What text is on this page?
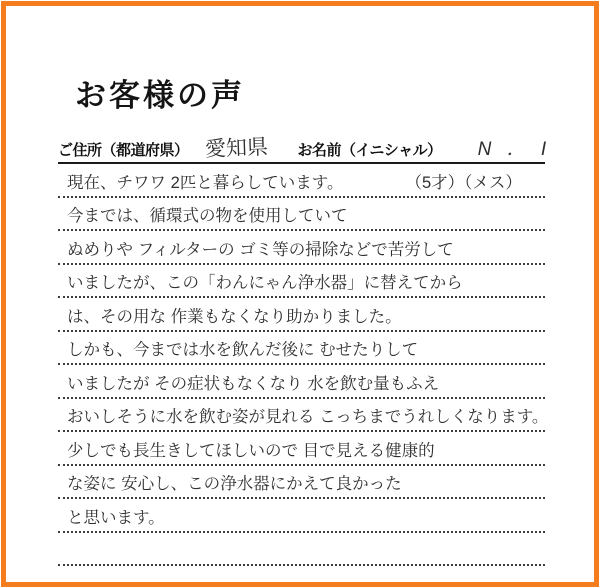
お客様の声
ご住所（都道府県） 愛知県 お名前（イニシャル） N ． I
現在、チワワ 2匹と暮らしています。	（5才）（メス）
今までは、循環式の物を使用していて
ぬめりや フィルターの ゴミ等の掃除などで苦労して
いましたが、この「わんにゃん浄水器」に替えてから
は、その用な 作業もなくなり助かりました。
しかも、今までは水を飲んだ後に むせたりして
いましたが その症状もなくなり 水を飲む量もふえ
おいしそうに水を飲む姿が見れる こっちまでうれしくなります。
少しでも長生きしてほしいので 目で見える健康的
な姿に 安心し、この浄水器にかえて良かった
と思います。
